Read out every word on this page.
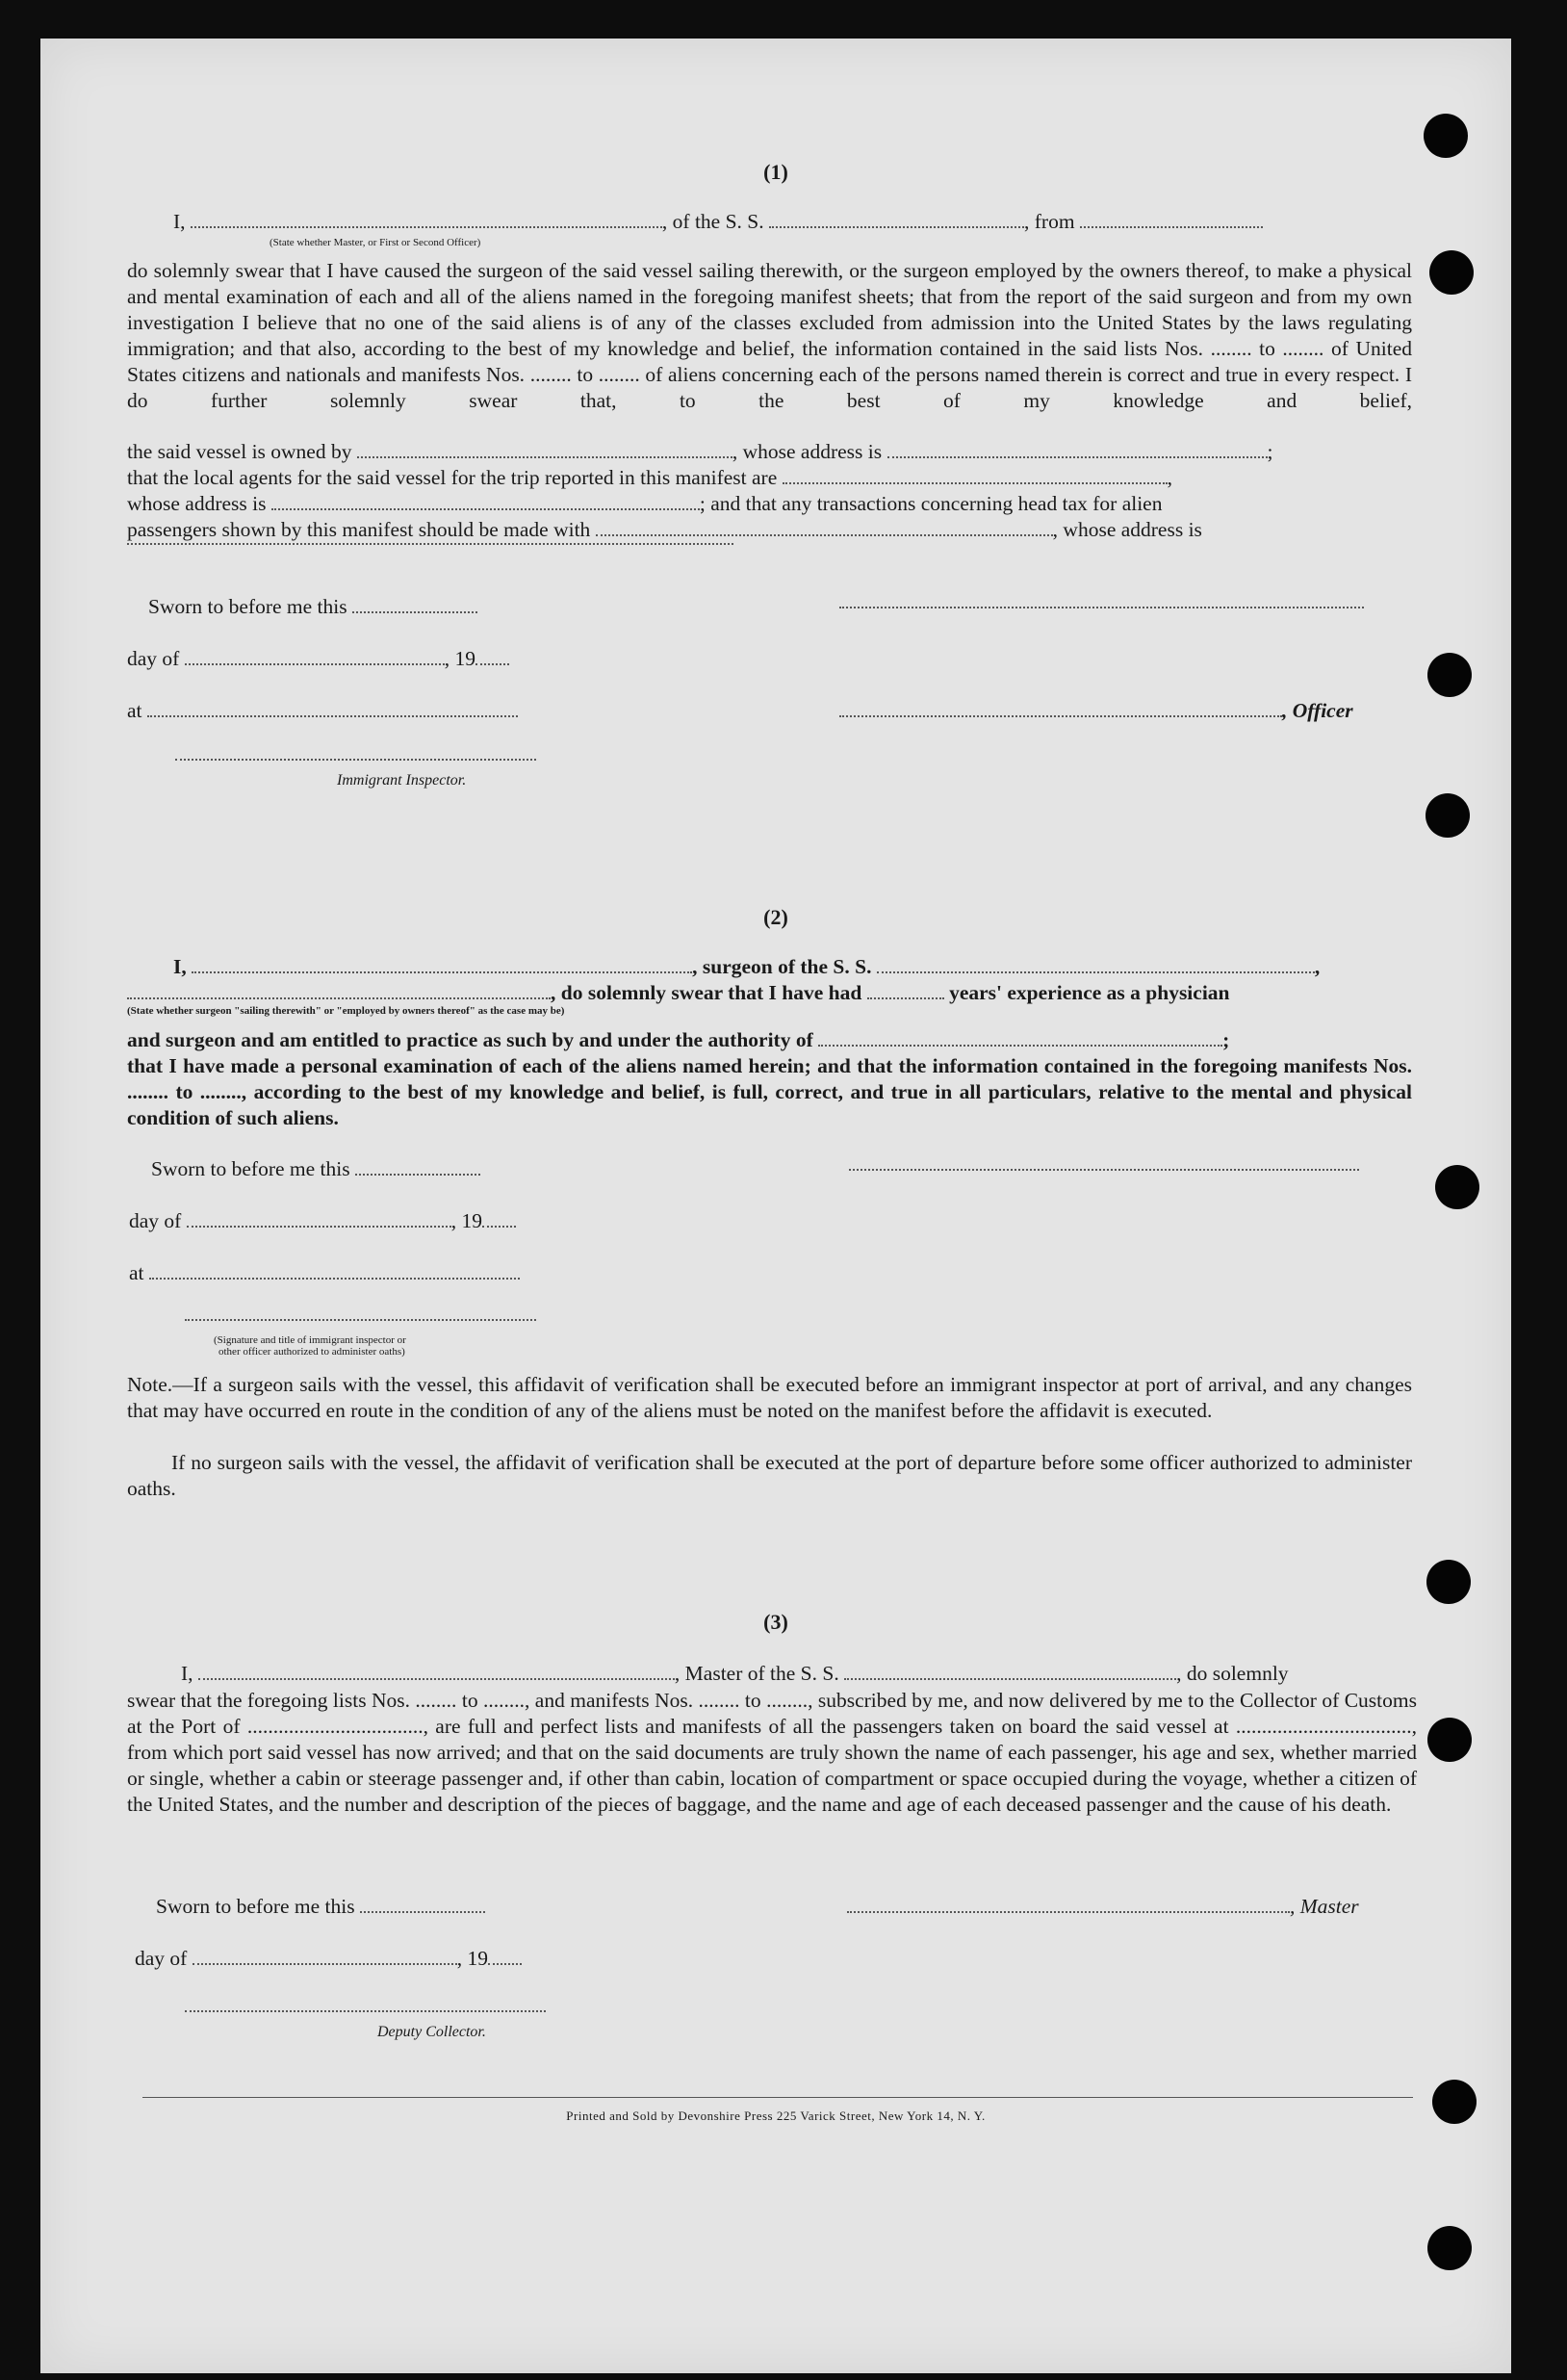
(1)
I,	, of the S. S.	, from
(State whether Master, or First or Second Officer)
do solemnly swear that I have caused the surgeon of the said vessel sailing therewith, or the surgeon employed by the owners thereof, to make a physical and mental examination of each and all of the aliens named in the foregoing manifest sheets; that from the report of the said surgeon and from my own investigation I believe that no one of the said aliens is of any of the classes excluded from admission into the United States by the laws regulating immigration; and that also, according to the best of my knowledge and belief, the information contained in the said lists Nos. ........ to ........ of United States citizens and nationals and manifests Nos. ........ to ........ of aliens concerning each of the persons named therein is correct and true in every respect. I do further solemnly swear that, to the best of my knowledge and belief,
the said vessel is owned by	, whose address is	;
that the local agents for the said vessel for the trip reported in this manifest are	,
whose address is	; and that any transactions concerning head tax for alien
passengers shown by this manifest should be made with	, whose address is
Sworn to before me this
day of	, 19
at	, Officer
Immigrant Inspector.
(2)
I,	, surgeon of the S. S.	,
, do solemnly swear that I have had	years' experience as a physician
(State whether surgeon "sailing therewith" or "employed by owners thereof" as the case may be)
and surgeon and am entitled to practice as such by and under the authority of	;
that I have made a personal examination of each of the aliens named herein; and that the information contained in the foregoing manifests Nos. ........ to ........, according to the best of my knowledge and belief, is full, correct, and true in all particulars, relative to the mental and physical condition of such aliens.
Sworn to before me this
day of	, 19
at
(Signature and title of immigrant inspector or
other officer authorized to administer oaths)
Note.—If a surgeon sails with the vessel, this affidavit of verification shall be executed before an immigrant inspector at port of arrival, and any changes that may have occurred en route in the condition of any of the aliens must be noted on the manifest before the affidavit is executed.
If no surgeon sails with the vessel, the affidavit of verification shall be executed at the port of departure before some officer authorized to administer oaths.
(3)
I,	, Master of the S. S.	, do solemnly
swear that the foregoing lists Nos. ........ to ........, and manifests Nos. ........ to ........, subscribed by me, and now delivered by me to the Collector of Customs at the Port of .................................., are full and perfect lists and manifests of all the passengers taken on board the said vessel at .................................., from which port said vessel has now arrived; and that on the said documents are truly shown the name of each passenger, his age and sex, whether married or single, whether a cabin or steerage passenger and, if other than cabin, location of compartment or space occupied during the voyage, whether a citizen of the United States, and the number and description of the pieces of baggage, and the name and age of each deceased passenger and the cause of his death.
Sworn to before me this	, Master
day of	, 19
Deputy Collector.
Printed and Sold by Devonshire Press 225 Varick Street, New York 14, N. Y.
